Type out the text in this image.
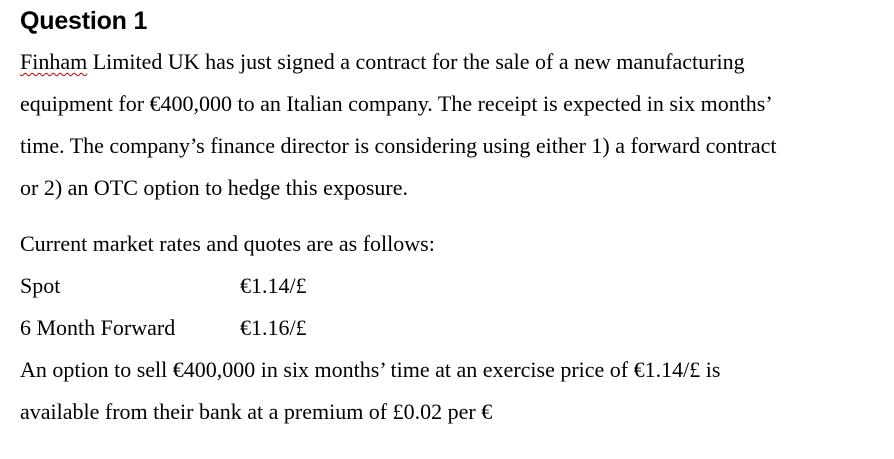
Question 1

Finham Limited UK has just signed a contract for the sale of a new manufacturing

equipment for €400,000 to an Italian company. The receipt is expected in six months’

time. The company’s finance director is considering using either 1) a forward contract

or 2) an OTC option to hedge this exposure.

Current market rates and quotes are as follows:

Spot	€1.14/£
6 Month Forward	€1.16/£

An option to sell €400,000 in six months’ time at an exercise price of €1.14/£ is

available from their bank at a premium of £0.02 per €
